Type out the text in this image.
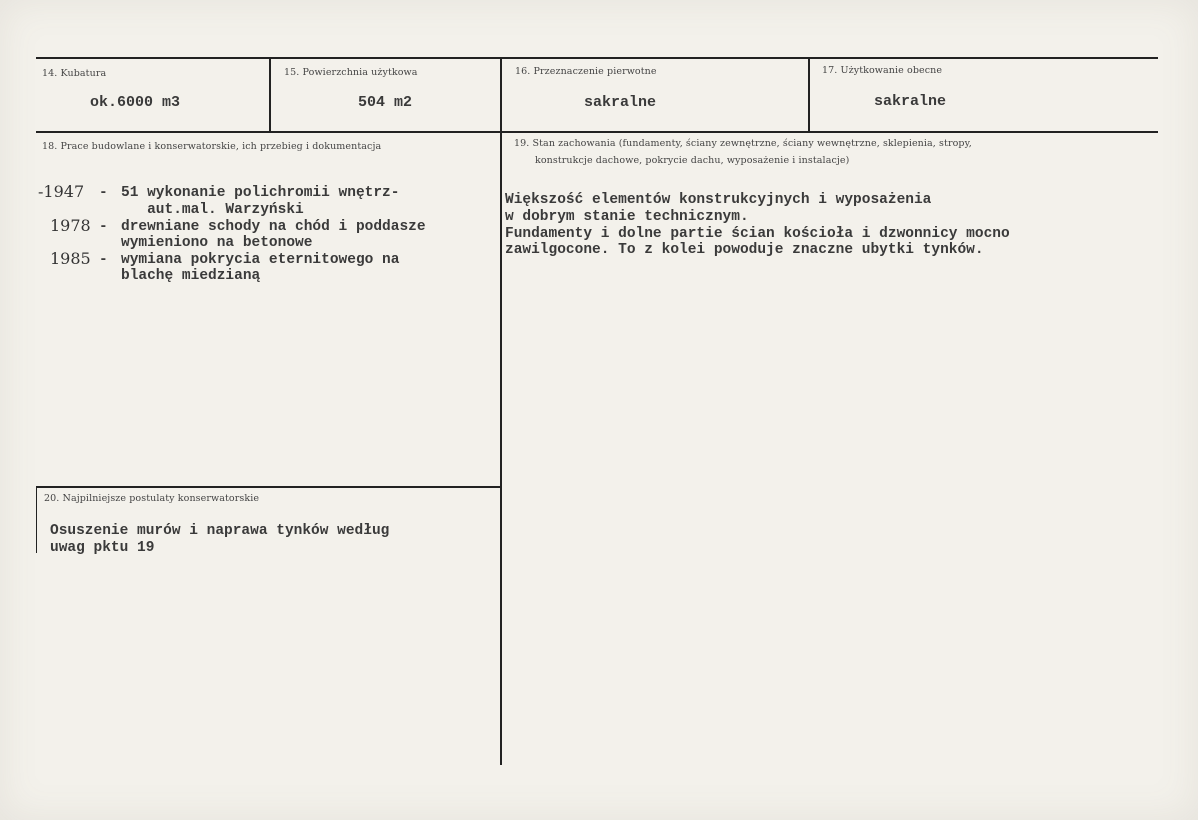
14. Kubatura
ok.6000 m3
15. Powierzchnia użytkowa
504 m2
16. Przeznaczenie pierwotne
sakralne
17. Użytkowanie obecne
sakralne
18. Prace budowlane i konserwatorskie, ich przebieg i dokumentacja
-1947 - 51 wykonanie polichromii wnętrz-
aut.mal. Warzyński
1978 - drewniane schody na chód i poddasze
wymieniono na betonowe
1985 - wymiana pokrycia eternitowego na
blachę miedzianą
19. Stan zachowania (fundamenty, ściany zewnętrzne, ściany wewnętrzne, sklepienia, stropy,
konstrukcje dachowe, pokrycie dachu, wyposażenie i instalacje)
Większość elementów konstrukcyjnych i wyposażenia
w dobrym stanie technicznym.
Fundamenty i dolne partie ścian kościoła i dzwonnicy mocno
zawilgocone. To z kolei powoduje znaczne ubytki tynków.
20. Najpilniejsze postulaty konserwatorskie
Osuszenie murów i naprawa tynków według
uwag pktu 19
